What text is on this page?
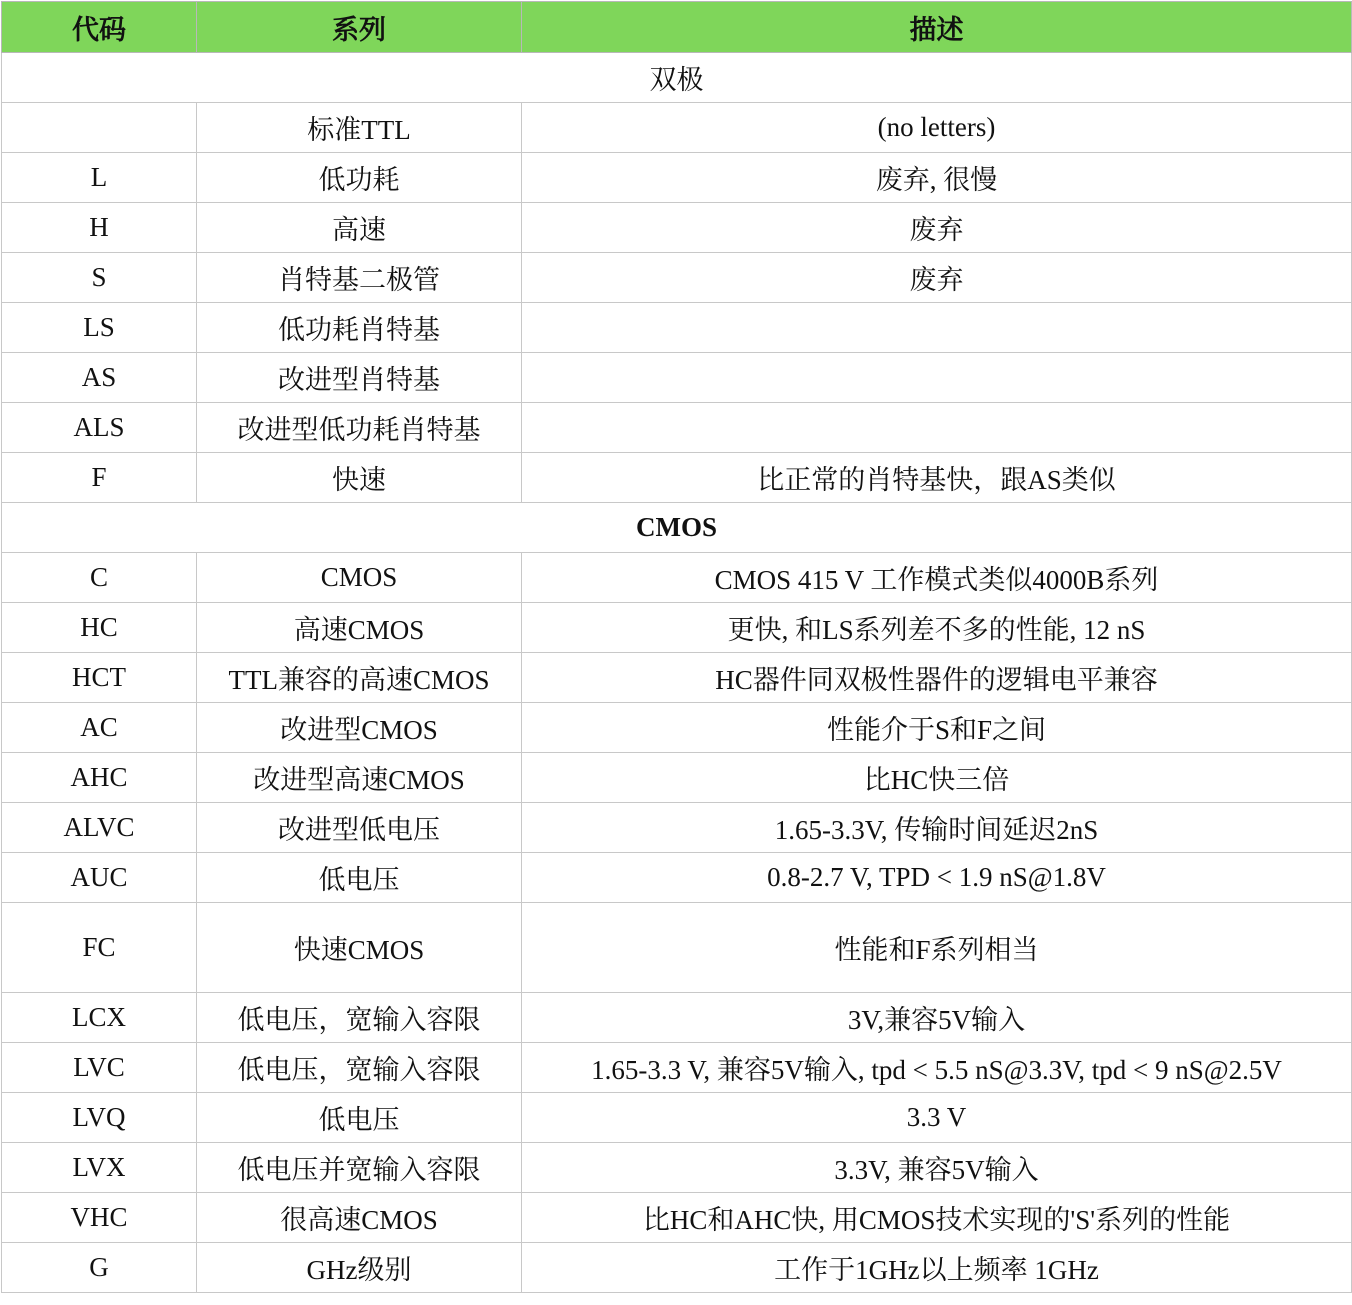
代码	系列	描述
双极		
	标准TTL	(no letters)
L	低功耗	废弃, 很慢
H	高速	废弃
S	肖特基二极管	废弃
LS	低功耗肖特基	
AS	改进型肖特基	
ALS	改进型低功耗肖特基	
F	快速	比正常的肖特基快，跟AS类似
CMOS		
C	CMOS	CMOS 415 V 工作模式类似4000B系列
HC	高速CMOS	更快, 和LS系列差不多的性能, 12 nS
HCT	TTL兼容的高速CMOS	HC器件同双极性器件的逻辑电平兼容
AC	改进型CMOS	性能介于S和F之间
AHC	改进型高速CMOS	比HC快三倍
ALVC	改进型低电压	1.65-3.3V, 传输时间延迟2nS
AUC	低电压	0.8-2.7 V, TPD < 1.9 nS@1.8V
FC	快速CMOS	性能和F系列相当
LCX	低电压，宽输入容限	3V,兼容5V输入
LVC	低电压，宽输入容限	1.65-3.3 V, 兼容5V输入, tpd < 5.5 nS@3.3V, tpd < 9 nS@2.5V
LVQ	低电压	3.3 V
LVX	低电压并宽输入容限	3.3V, 兼容5V输入
VHC	很高速CMOS	比HC和AHC快, 用CMOS技术实现的'S'系列的性能
G	GHz级别	工作于1GHz以上频率 1GHz
